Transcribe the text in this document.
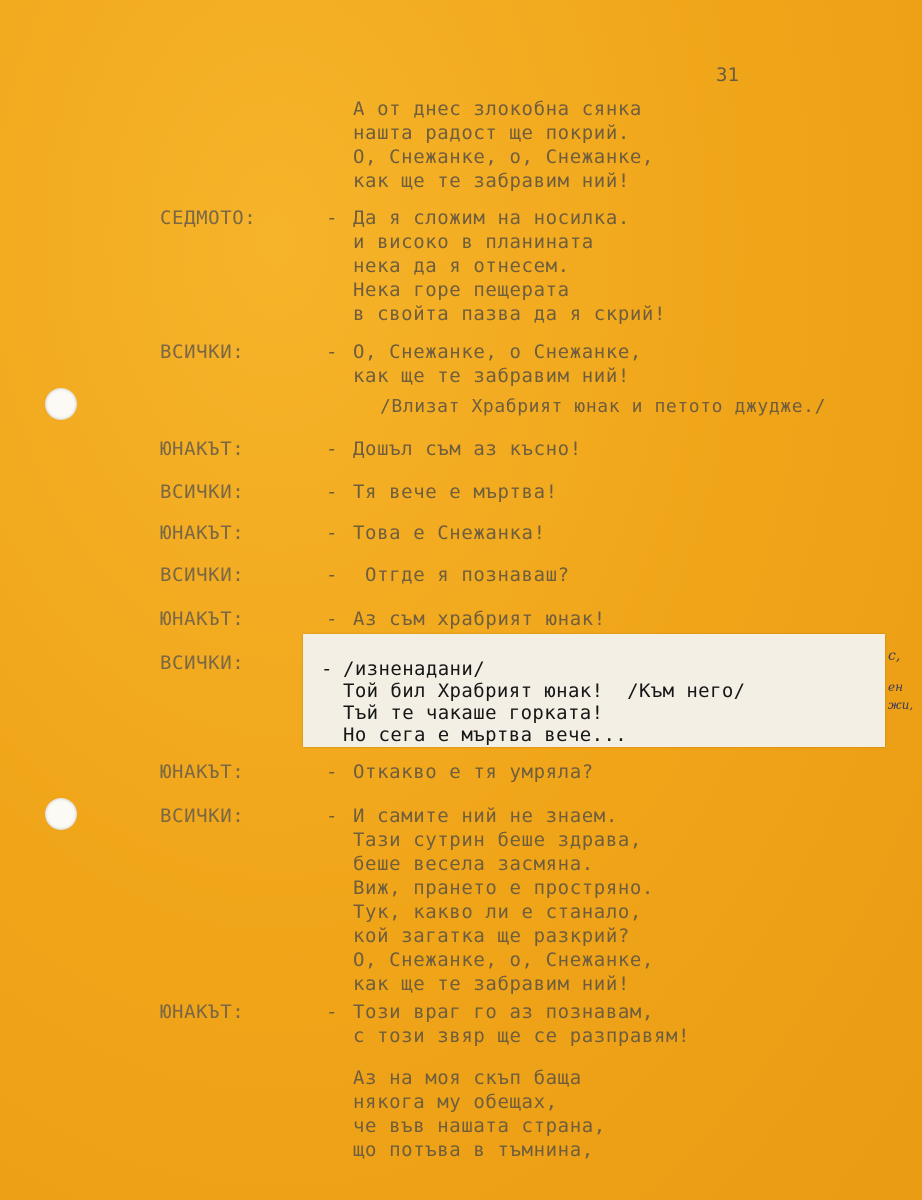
31
А от днес злокобна сянка
нашта радост ще покрий.
О, Снежанке, о, Снежанке,
как ще те забравим ний!
СЕДМОТО:	- Да я сложим на носилка.
и високо в планината
нека да я отнесем.
Нека горе пещерата
в свойта пазва да я скрий!
ВСИЧКИ:	- О, Снежанке, о Снежанке,
как ще те забравим ний!
/Влизат Храбрият юнак и петото джудже./
ЮНАКЪТ:	- Дошъл съм аз късно!
ВСИЧКИ:	- Тя вече е мъртва!
ЮНАКЪТ:	- Това е Снежанка!
ВСИЧКИ:	- Отгде я познаваш?
ЮНАКЪТ:	- Аз съм храбрият юнак!
ВСИЧКИ:	- /изненадани/
Той бил Храбрият юнак!  /Към него/
Тъй те чакаше горката!
Но сега е мъртва вече...
с,
ен
жи,
ЮНАКЪТ:	- Откакво е тя умряла?
ВСИЧКИ:	- И самите ний не знаем.
Тази сутрин беше здрава,
беше весела засмяна.
Виж, прането е простряно.
Тук, какво ли е станало,
кой загатка ще разкрий?
О, Снежанке, о, Снежанке,
как ще те забравим ний!
ЮНАКЪТ:	- Този враг го аз познавам,
с този звяр ще се разправям!
Аз на моя скъп баща
някога му обещах,
че във нашата страна,
що потъва в тъмнина,
